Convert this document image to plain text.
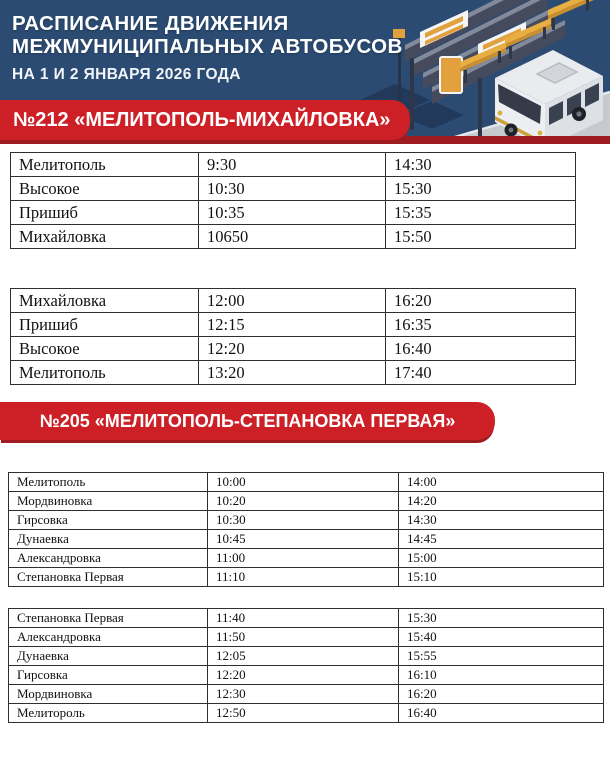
РАСПИСАНИЕ ДВИЖЕНИЯ
МЕЖМУНИЦИПАЛЬНЫХ АВТОБУСОВ
НА 1 И 2 ЯНВАРЯ 2026 ГОДА
№212 «МЕЛИТОПОЛЬ-МИХАЙЛОВКА»
Мелитополь	9:30	14:30
Высокое	10:30	15:30
Пришиб	10:35	15:35
Михайловка	10650	15:50
Михайловка	12:00	16:20
Пришиб	12:15	16:35
Высокое	12:20	16:40
Мелитополь	13:20	17:40
№205 «МЕЛИТОПОЛЬ-СТЕПАНОВКА ПЕРВАЯ»
Мелитополь	10:00	14:00
Мордвиновка	10:20	14:20
Гирсовка	10:30	14:30
Дунаевка	10:45	14:45
Александровка	11:00	15:00
Степановка Первая	11:10	15:10
Степановка Первая	11:40	15:30
Александровка	11:50	15:40
Дунаевка	12:05	15:55
Гирсовка	12:20	16:10
Мордвиновка	12:30	16:20
Мелитороль	12:50	16:40
